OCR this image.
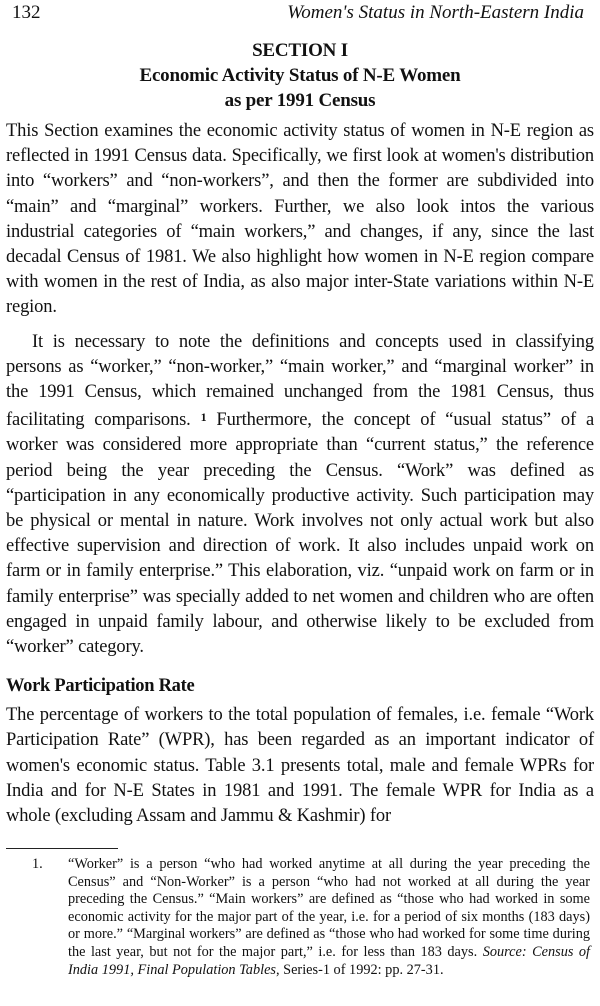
132	Women's Status in North-Eastern India
SECTION I
Economic Activity Status of N-E Women
as per 1991 Census

This Section examines the economic activity status of women in N-E region as reflected in 1991 Census data. Specifically, we first look at women's distribution into “workers” and “non-workers”, and then the former are subdivided into “main” and “marginal” workers. Further, we also look intos the various industrial categories of “main workers,” and changes, if any, since the last decadal Census of 1981. We also highlight how women in N-E region compare with women in the rest of India, as also major inter-State variations within N-E region.

It is necessary to note the definitions and concepts used in classifying persons as “worker,” “non-worker,” “main worker,” and “marginal worker” in the 1991 Census, which remained unchanged from the 1981 Census, thus facilitating comparisons. $^1$ Furthermore, the concept of “usual status” of a worker was considered more appropriate than “current status,” the reference period being the year preceding the Census. “Work” was defined as “participation in any economically productive activity. Such participation may be physical or mental in nature. Work involves not only actual work but also effective supervision and direction of work. It also includes unpaid work on farm or in family enterprise.” This elaboration, viz. “unpaid work on farm or in family enterprise” was specially added to net women and children who are often engaged in unpaid family labour, and otherwise likely to be excluded from “worker” category.

Work Participation Rate

The percentage of workers to the total population of females, i.e. female “Work Participation Rate” (WPR), has been regarded as an important indicator of women's economic status. Table 3.1 presents total, male and female WPRs for India and for N-E States in 1981 and 1991. The female WPR for India as a whole (excluding Assam and Jammu & Kashmir) for

1. “Worker” is a person “who had worked anytime at all during the year preceding the Census” and “Non-Worker” is a person “who had not worked at all during the year preceding the Census.” “Main workers” are defined as “those who had worked in some economic activity for the major part of the year, i.e. for a period of six months (183 days) or more.” “Marginal workers” are defined as “those who had worked for some time during the last year, but not for the major part,” i.e. for less than 183 days. Source: Census of India 1991, Final Population Tables, Series-1 of 1992: pp. 27-31.
